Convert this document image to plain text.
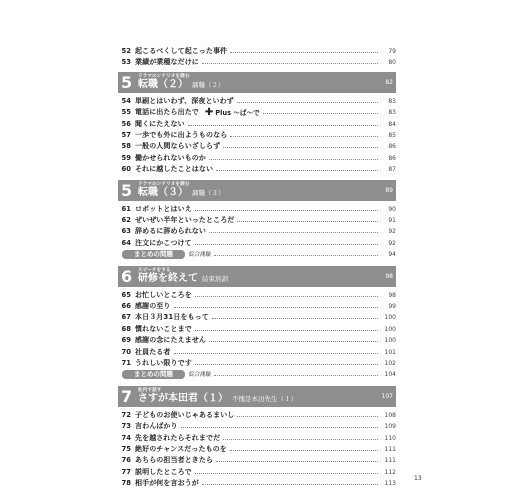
52 起こるべくして起こった事件	79
53 業績が業種なだけに	80
5 ドラマのシナリオを読む
転職（２） 調職（２）	82
54 単刷とはいわず、深夜といわず	83
55 電話に出たら出たで ✚ Plus ～ば～で	83
56 聞くにたえない	84
57 一歩でも外に出ようものなら	85
58 一般の人間ならいざしらず	86
59 働かせられないものか	86
60 それに越したことはない	87
5 ドラマのシナリオを読む
転職（３） 調職（３）	89
61 ロボットとはいえ	90
62 ぜいぜい半年といったところだ	91
63 辞めるに辞められない	92
64 注文にかこつけて	92
まとめの問題	綜合測驗	94
6 スピーチをする
研修を終えて 結束培訓	98
65 お忙しいところを	98
66 感謝の至り	99
67 本日３月31日をもって	100
68 慣れないことまで	100
69 感謝の念にたえません	100
70 社員たる者	101
71 うれしい限りです	102
まとめの問題	綜合測驗	104
7 社内で話す
さすが本田君（１） 不愧是本田先生（１）	107
72 子どものお使いじゃあるまいし	108
73 言わんばかり	109
74 先を越されたらそれまでだ	110
75 絶好のチャンスだったものを	111
76 あちらの担当者ときたら	111
77 説明したところで	112
78 相手が何を言おうが	113
13
